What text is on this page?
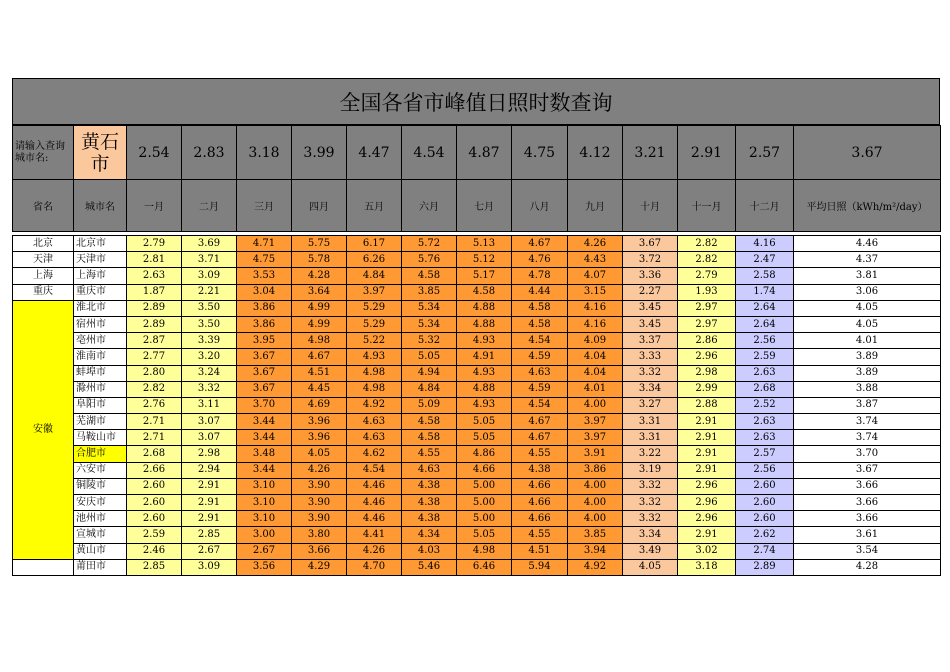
全国各省市峰值日照时数查询
请输入查询城市名:	黄石市	2.54	2.83	3.18	3.99	4.47	4.54	4.87	4.75	4.12	3.21	2.91	2.57	3.67
省名	城市名	一月	二月	三月	四月	五月	六月	七月	八月	九月	十月	十一月	十二月	平均日照（kWh/m²/day）

北京	北京市	2.79	3.69	4.71	5.75	6.17	5.72	5.13	4.67	4.26	3.67	2.82	4.16	4.46
天津	天津市	2.81	3.71	4.75	5.78	6.26	5.76	5.12	4.76	4.43	3.72	2.82	2.47	4.37
上海	上海市	2.63	3.09	3.53	4.28	4.84	4.58	5.17	4.78	4.07	3.36	2.79	2.58	3.81
重庆	重庆市	1.87	2.21	3.04	3.64	3.97	3.85	4.58	4.44	3.15	2.27	1.93	1.74	3.06
安徽	淮北市	2.89	3.50	3.86	4.99	5.29	5.34	4.88	4.58	4.16	3.45	2.97	2.64	4.05
	宿州市	2.89	3.50	3.86	4.99	5.29	5.34	4.88	4.58	4.16	3.45	2.97	2.64	4.05
	亳州市	2.87	3.39	3.95	4.98	5.22	5.32	4.93	4.54	4.09	3.37	2.86	2.56	4.01
	淮南市	2.77	3.20	3.67	4.67	4.93	5.05	4.91	4.59	4.04	3.33	2.96	2.59	3.89
	蚌埠市	2.80	3.24	3.67	4.51	4.98	4.94	4.93	4.63	4.04	3.32	2.98	2.63	3.89
	滁州市	2.82	3.32	3.67	4.45	4.98	4.84	4.88	4.59	4.01	3.34	2.99	2.68	3.88
	阜阳市	2.76	3.11	3.70	4.69	4.92	5.09	4.93	4.54	4.00	3.27	2.88	2.52	3.87
	芜湖市	2.71	3.07	3.44	3.96	4.63	4.58	5.05	4.67	3.97	3.31	2.91	2.63	3.74
	马鞍山市	2.71	3.07	3.44	3.96	4.63	4.58	5.05	4.67	3.97	3.31	2.91	2.63	3.74
	合肥市	2.68	2.98	3.48	4.05	4.62	4.55	4.86	4.55	3.91	3.22	2.91	2.57	3.70
	六安市	2.66	2.94	3.44	4.26	4.54	4.63	4.66	4.38	3.86	3.19	2.91	2.56	3.67
	铜陵市	2.60	2.91	3.10	3.90	4.46	4.38	5.00	4.66	4.00	3.32	2.96	2.60	3.66
	安庆市	2.60	2.91	3.10	3.90	4.46	4.38	5.00	4.66	4.00	3.32	2.96	2.60	3.66
	池州市	2.60	2.91	3.10	3.90	4.46	4.38	5.00	4.66	4.00	3.32	2.96	2.60	3.66
	宣城市	2.59	2.85	3.00	3.80	4.41	4.34	5.05	4.55	3.85	3.34	2.91	2.62	3.61
	黄山市	2.46	2.67	2.67	3.66	4.26	4.03	4.98	4.51	3.94	3.49	3.02	2.74	3.54
	莆田市	2.85	3.09	3.56	4.29	4.70	5.46	6.46	5.94	4.92	4.05	3.18	2.89	4.28
